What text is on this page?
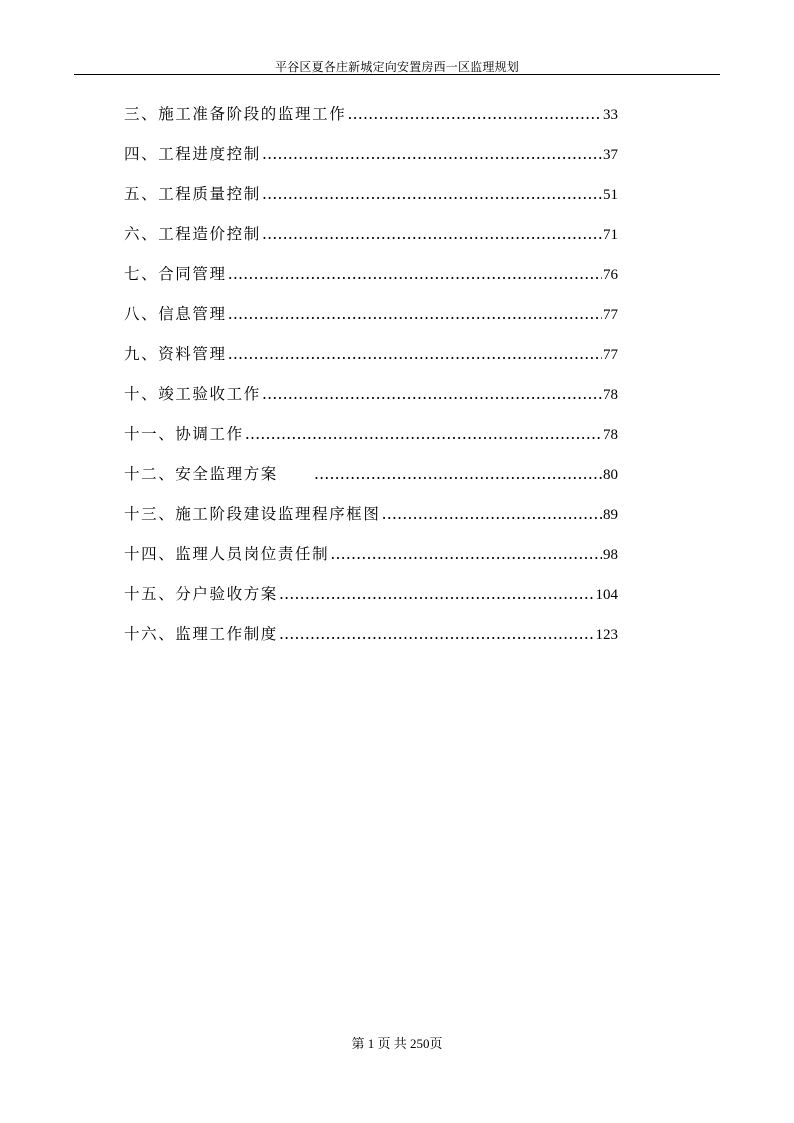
平谷区夏各庄新城定向安置房西一区监理规划
三、施工准备阶段的监理工作 ……………………………………………………………………………………………………………………	33
四、工程进度控制 ……………………………………………………………………………………………………………………	37
五、工程质量控制 ……………………………………………………………………………………………………………………	51
六、工程造价控制 ……………………………………………………………………………………………………………………	71
七、合同管理 ……………………………………………………………………………………………………………………	76
八、信息管理 ……………………………………………………………………………………………………………………	77
九、资料管理 ……………………………………………………………………………………………………………………	77
十、竣工验收工作 ……………………………………………………………………………………………………………………	78
十一、协调工作 ……………………………………………………………………………………………………………………	78
十二、安全监理方案 ……………………………………………………………………………………………………………………	80
十三、施工阶段建设监理程序框图 ……………………………………………………………………………………………………………………	89
十四、监理人员岗位责任制 ……………………………………………………………………………………………………………………	98
十五、分户验收方案 ……………………………………………………………………………………………………………………	104
十六、监理工作制度 ……………………………………………………………………………………………………………………	123
第 1 页 共 250页
